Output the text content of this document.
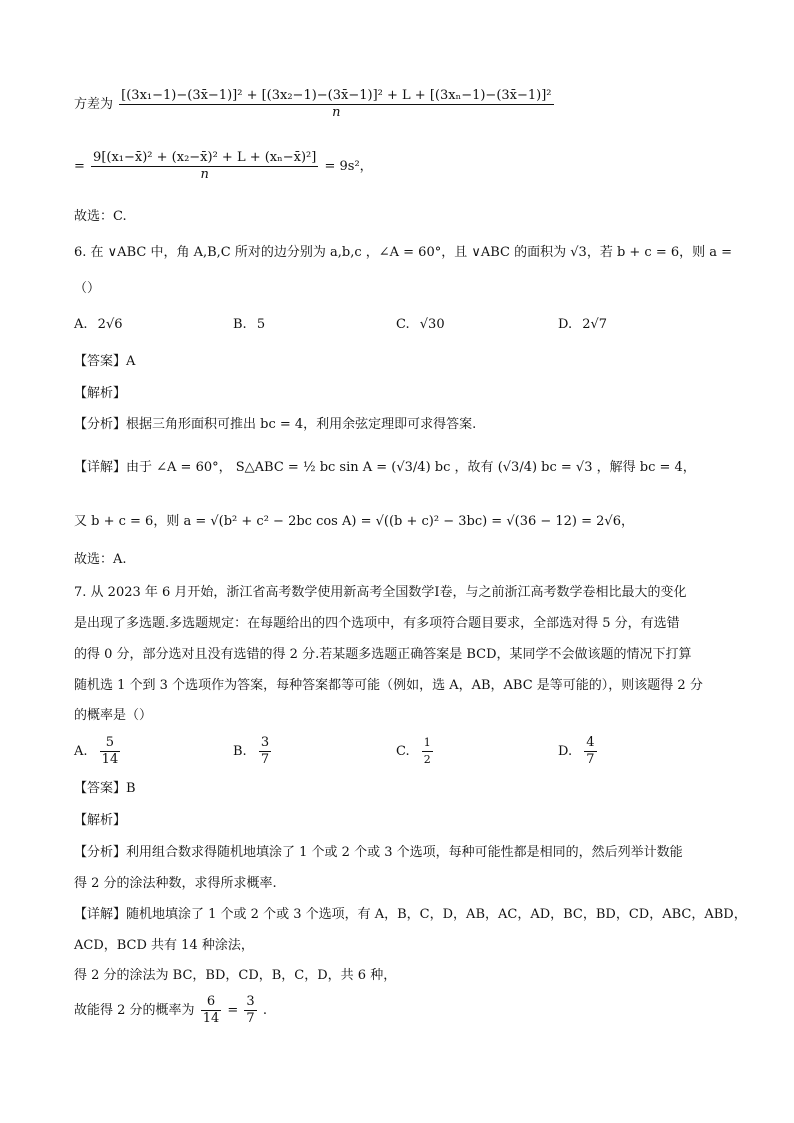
方差为
[(3x₁−1)−(3x̄−1)]² + [(3x₂−1)−(3x̄−1)]² + L + [(3xₙ−1)−(3x̄−1)]²
n
= $\frac{\text{9[(x₁−x̄)² + (x₂−x̄)² + L + (xₙ−x̄)²]}}{n} = 9s^2$，
故选：C.
6. 在 ∨ABC 中，角 A,B,C 所对的边分别为 a,b,c ，∠A = 60°，且 ∨ABC 的面积为 √3，若 b + c = 6，则 a =
（）
A. 2√6	B. 5	C. √30	D. 2√7
【答案】A
【解析】
【分析】根据三角形面积可推出 bc = 4，利用余弦定理即可求得答案.
【详解】由于 ∠A = 60°， S△ABC = ½ bc sin A = (√3/4) bc ，故有 (√3/4) bc = √3 ，解得 bc = 4，
又 b + c = 6，则 a = √(b² + c² − 2bc cos A) = √((b + c)² − 3bc) = √(36 − 12) = 2√6，
故选：A.
7. 从 2023 年 6 月开始，浙江省高考数学使用新高考全国数学Ⅰ卷，与之前浙江高考数学卷相比最大的变化
是出现了多选题.多选题规定：在每题给出的四个选项中，有多项符合题目要求，全部选对得 5 分，有选错
的得 0 分，部分选对且没有选错的得 2 分.若某题多选题正确答案是 BCD，某同学不会做该题的情况下打算
随机选 1 个到 3 个选项作为答案，每种答案都等可能（例如，选 A，AB，ABC 是等可能的），则该题得 2 分
的概率是（）
A. $\frac{5}{14}$	B. $\frac{3}{7}$	C. $\frac{1}{2}$	D. $\frac{4}{7}$
【答案】B
【解析】
【分析】利用组合数求得随机地填涂了 1 个或 2 个或 3 个选项，每种可能性都是相同的，然后列举计数能
得 2 分的涂法种数，求得所求概率.
【详解】随机地填涂了 1 个或 2 个或 3 个选项，有 A，B，C，D，AB，AC，AD，BC，BD，CD，ABC，ABD，
ACD，BCD 共有 14 种涂法，
得 2 分的涂法为 BC，BD，CD，B，C，D，共 6 种，
故能得 2 分的概率为 $\frac{6}{14} = \frac{3}{7}$ .
